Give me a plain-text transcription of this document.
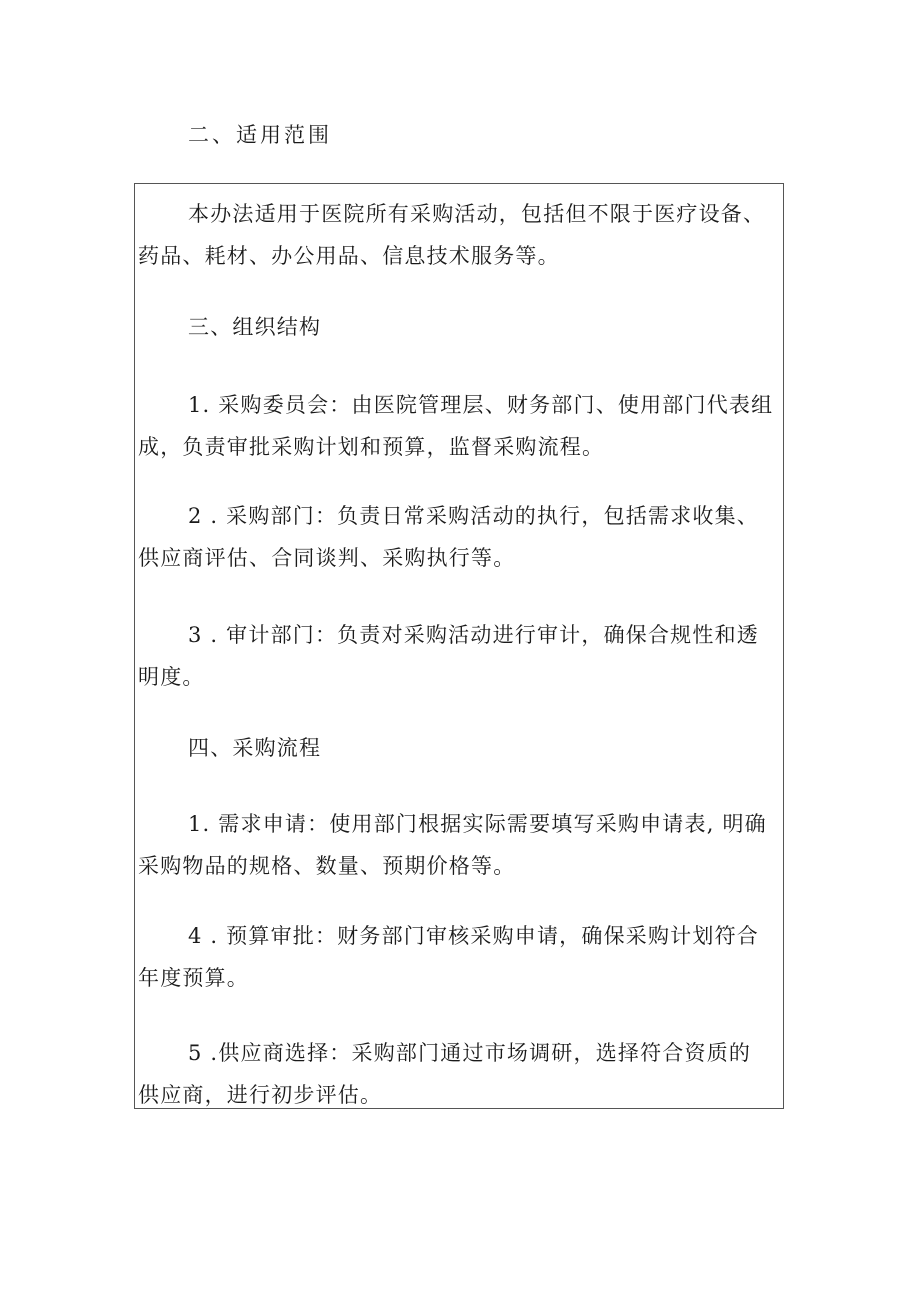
二、适用范围
本办法适用于医院所有采购活动，包括但不限于医疗设备、
药品、耗材、办公用品、信息技术服务等。
三、组织结构
1. 采购委员会：由医院管理层、财务部门、使用部门代表组
成，负责审批采购计划和预算，监督采购流程。
2 . 采购部门：负责日常采购活动的执行，包括需求收集、
供应商评估、合同谈判、采购执行等。
3 . 审计部门：负责对采购活动进行审计，确保合规性和透
明度。
四、采购流程
1. 需求申请：使用部门根据实际需要填写采购申请表, 明确
采购物品的规格、数量、预期价格等。
4 . 预算审批：财务部门审核采购申请，确保采购计划符合
年度预算。
5 .供应商选择：采购部门通过市场调研，选择符合资质的
供应商，进行初步评估。
